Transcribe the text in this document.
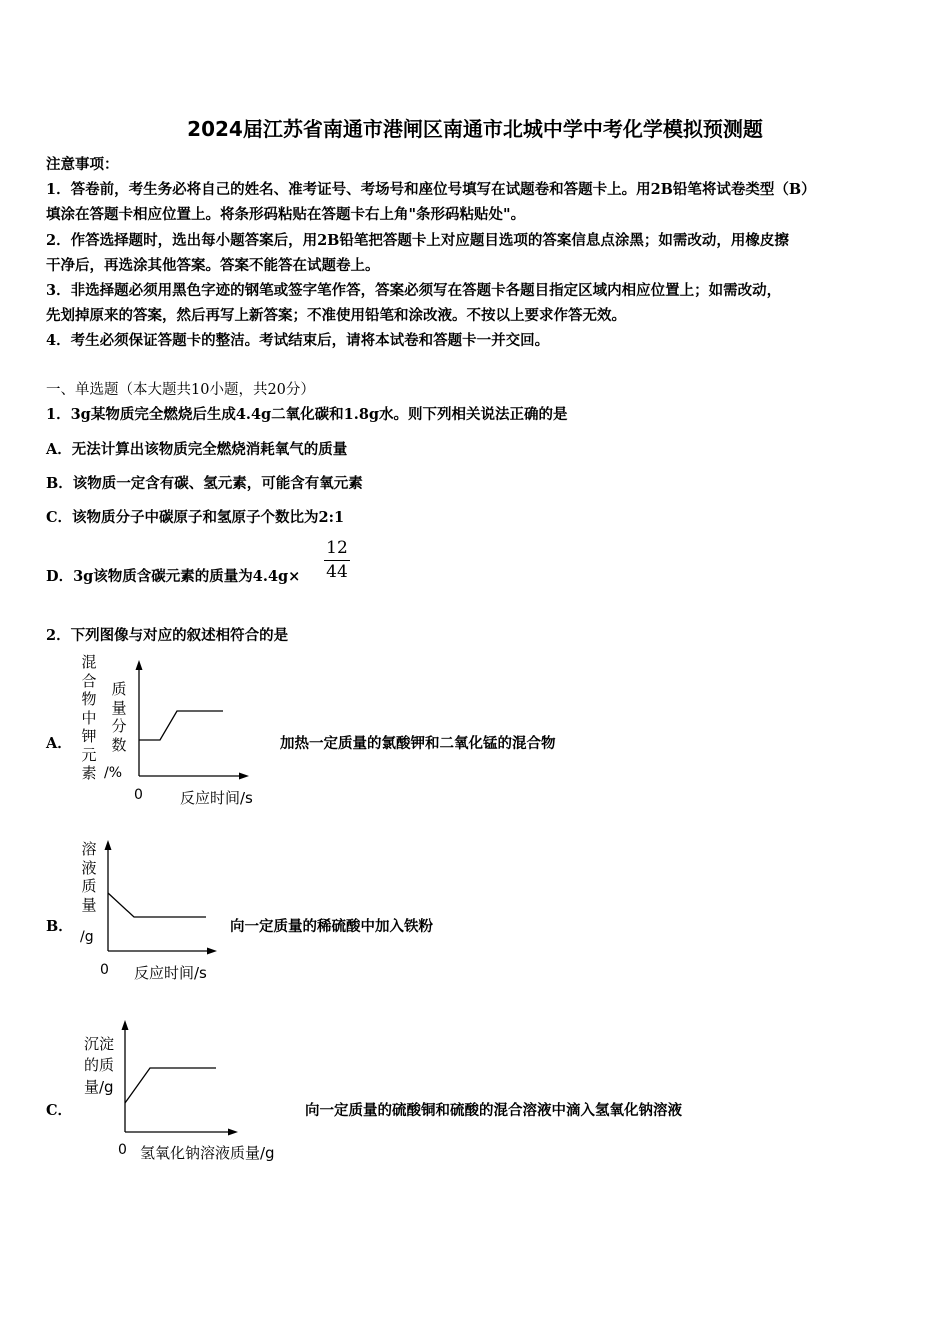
2024届江苏省南通市港闸区南通市北城中学中考化学模拟预测题
注意事项：
1．答卷前，考生务必将自己的姓名、准考证号、考场号和座位号填写在试题卷和答题卡上。用2B铅笔将试卷类型（B）
填涂在答题卡相应位置上。将条形码粘贴在答题卡右上角"条形码粘贴处"。
2．作答选择题时，选出每小题答案后，用2B铅笔把答题卡上对应题目选项的答案信息点涂黑；如需改动，用橡皮擦
干净后，再选涂其他答案。答案不能答在试题卷上。
3．非选择题必须用黑色字迹的钢笔或签字笔作答，答案必须写在答题卡各题目指定区域内相应位置上；如需改动，
先划掉原来的答案，然后再写上新答案；不准使用铅笔和涂改液。不按以上要求作答无效。
4．考生必须保证答题卡的整洁。考试结束后，请将本试卷和答题卡一并交回。
一、单选题（本大题共10小题，共20分）
1．3g某物质完全燃烧后生成4.4g二氧化碳和1.8g水。则下列相关说法正确的是
A．无法计算出该物质完全燃烧消耗氧气的质量
B．该物质一定含有碳、氢元素，可能含有氧元素
C．该物质分子中碳原子和氢原子个数比为2:1
D．3g该物质含碳元素的质量为4.4g×
12
44
2．下列图像与对应的叙述相符合的是
A．
混合物中钾元素
质量分数
/%
0 反应时间/s
加热一定质量的氯酸钾和二氧化锰的混合物
B．
溶液质量
/g
0 反应时间/s
向一定质量的稀硫酸中加入铁粉
C．
沉淀
的质
量/g
0 氢氧化钠溶液质量/g
向一定质量的硫酸铜和硫酸的混合溶液中滴入氢氧化钠溶液
